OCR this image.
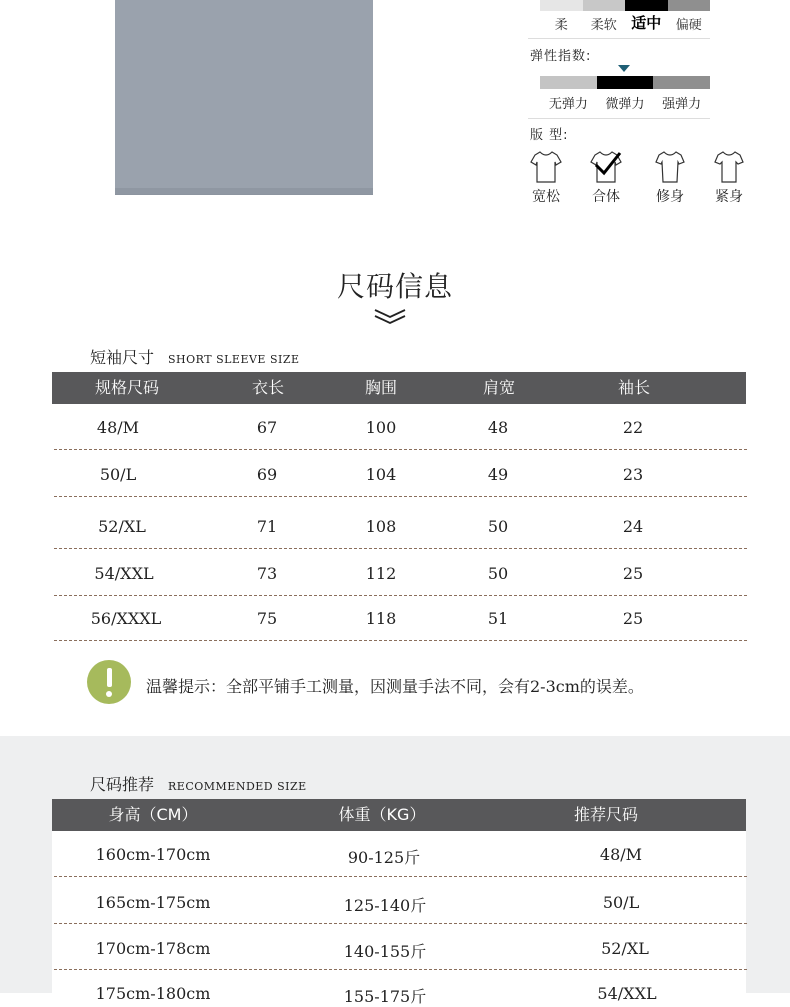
柔	柔软 适中	偏硬
弹性指数:
无弹力	微弹力	强弹力
版 型:
宽松	合体	修身	紧身
尺码信息
短袖尺寸 SHORT SLEEVE SIZE
规格尺码	衣长	胸围	肩宽	袖长
48/M	67	100	48	22
50/L	69	104	49	23
52/XL	71	108	50	24
54/XXL	73	112	50	25
56/XXXL	75	118	51	25
温馨提示：全部平铺手工测量，因测量手法不同，会有2-3cm的误差。
尺码推荐 RECOMMENDED SIZE
身高（CM）	体重（KG）	推荐尺码
160cm-170cm	90-125斤	48/M
165cm-175cm	125-140斤	50/L
170cm-178cm	140-155斤	52/XL
175cm-180cm	155-175斤	54/XXL
